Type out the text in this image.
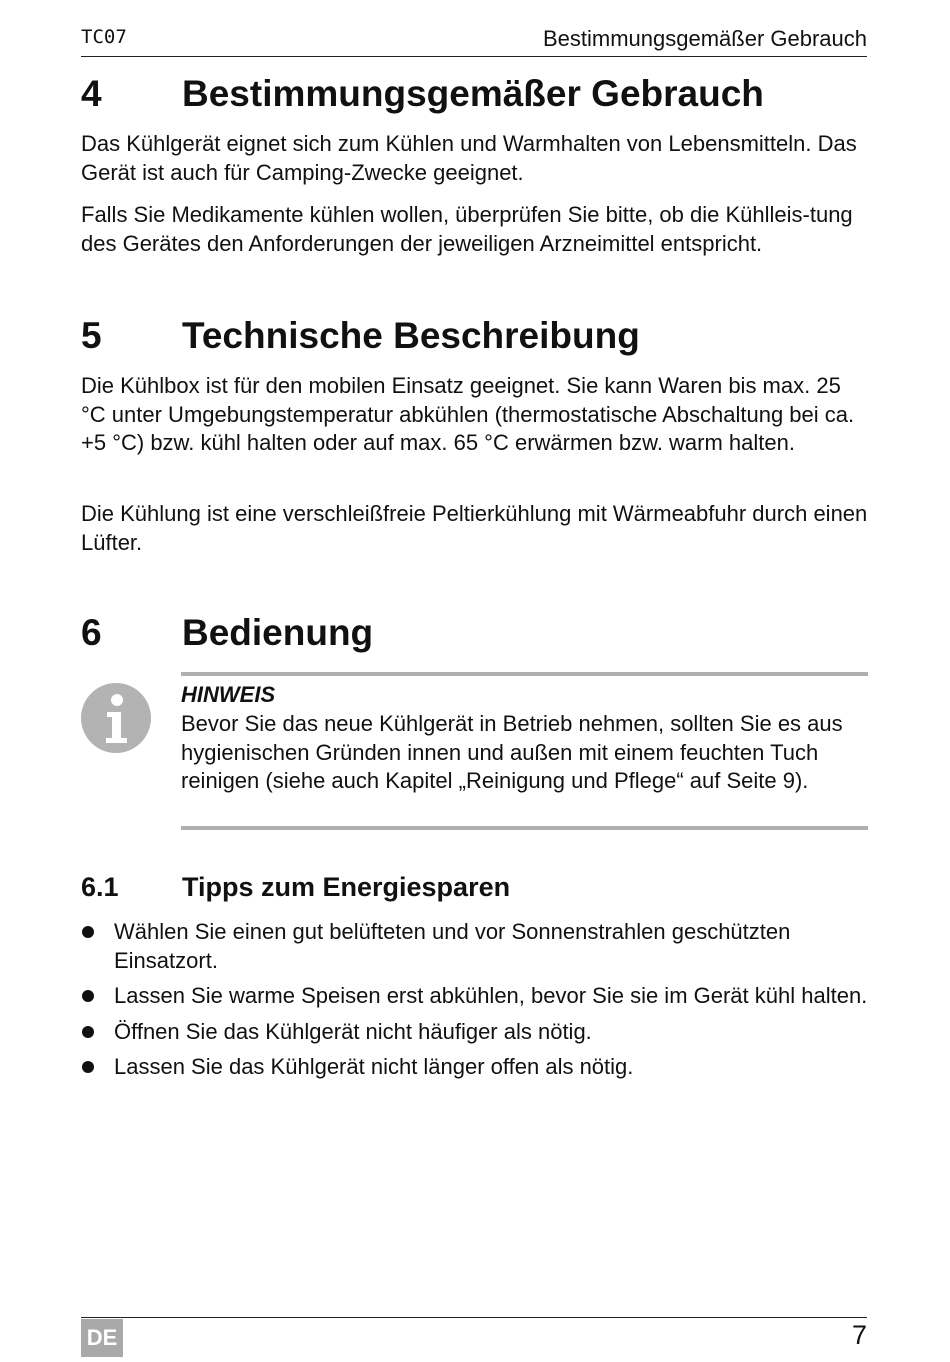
TC07	Bestimmungsgemäßer Gebrauch
4 Bestimmungsgemäßer Gebrauch

Das Kühlgerät eignet sich zum Kühlen und Warmhalten von Lebensmitteln. Das Gerät ist auch für Camping-Zwecke geeignet.

Falls Sie Medikamente kühlen wollen, überprüfen Sie bitte, ob die Kühlleis-tung des Gerätes den Anforderungen der jeweiligen Arzneimittel entspricht.

5 Technische Beschreibung

Die Kühlbox ist für den mobilen Einsatz geeignet. Sie kann Waren bis max. 25 °C unter Umgebungstemperatur abkühlen (thermostatische Abschaltung bei ca. +5 °C) bzw. kühl halten oder auf max. 65 °C erwärmen bzw. warm halten.

Die Kühlung ist eine verschleißfreie Peltierkühlung mit Wärmeabfuhr durch einen Lüfter.

6 Bedienung
HINWEIS
Bevor Sie das neue Kühlgerät in Betrieb nehmen, sollten Sie es aus hygienischen Gründen innen und außen mit einem feuchten Tuch reinigen (siehe auch Kapitel „Reinigung und Pflege“ auf Seite 9).
6.1 Tipps zum Energiesparen
Wählen Sie einen gut belüfteten und vor Sonnenstrahlen geschützten Einsatzort.
Lassen Sie warme Speisen erst abkühlen, bevor Sie sie im Gerät kühl halten.
Öffnen Sie das Kühlgerät nicht häufiger als nötig.
Lassen Sie das Kühlgerät nicht länger offen als nötig.
DE	7
